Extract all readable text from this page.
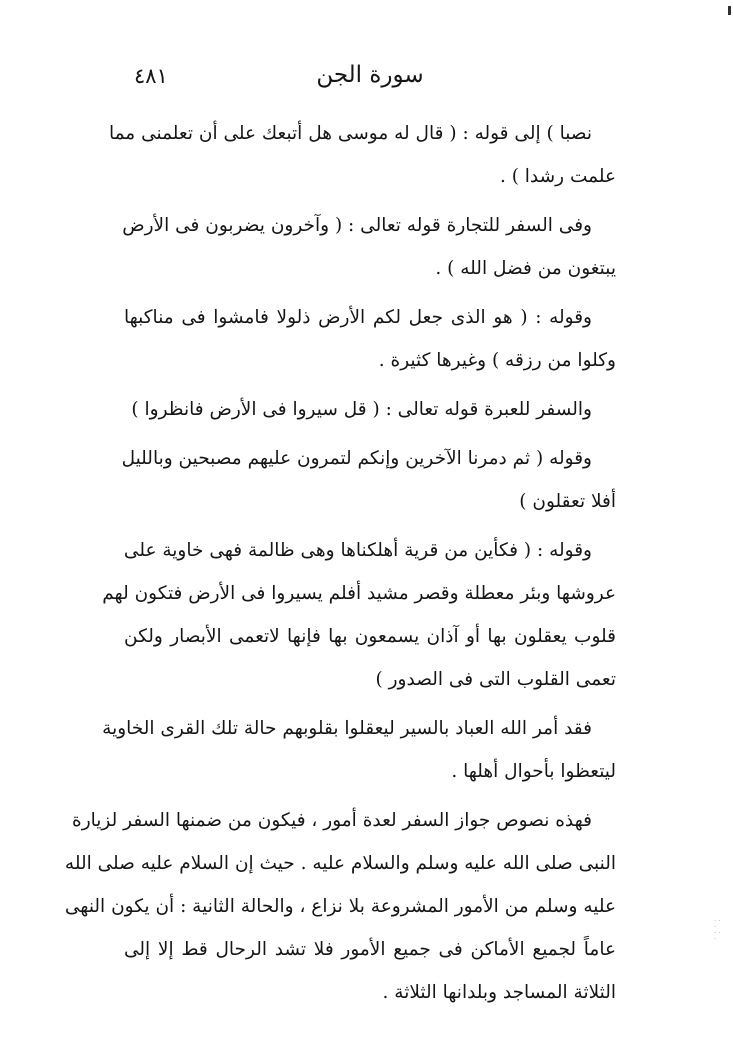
٤٨١	سورة الجن
نصبا ) إلى قوله : ( قال له موسى هل أتبعك على أن تعلمنى مما
علمت رشدا ) .
وفى السفر للتجارة قوله تعالى : ( وآخرون يضربون فى الأرض
يبتغون من فضل الله ) .
وقوله : ( هو الذى جعل لكم الأرض ذلولا فامشوا فى مناكبها
وكلوا من رزقه ) وغيرها كثيرة .
والسفر للعبرة قوله تعالى : ( قل سيروا فى الأرض فانظروا )
وقوله ( ثم دمرنا الآخرين وإنكم لتمرون عليهم مصبحين وبالليل
أفلا تعقلون )
وقوله : ( فكأين من قرية أهلكناها وهى ظالمة فهى خاوية على
عروشها وبئر معطلة وقصر مشيد أفلم يسيروا فى الأرض فتكون لهم
قلوب يعقلون بها أو آذان يسمعون بها فإنها لاتعمى الأبصار ولكن
تعمى القلوب التى فى الصدور )
فقد أمر الله العباد بالسير ليعقلوا بقلوبهم حالة تلك القرى الخاوية
ليتعظوا بأحوال أهلها .
فهذه نصوص جواز السفر لعدة أمور ، فيكون من ضمنها السفر لزيارة
النبى صلى الله عليه وسلم والسلام عليه . حيث إن السلام عليه صلى الله
عليه وسلم من الأمور المشروعة بلا نزاع ، والحالة الثانية : أن يكون النهى
عاماً لجميع الأماكن فى جميع الأمور فلا تشد الرحال قط إلا إلى
الثلاثة المساجد وبلدانها الثلاثة .
· ·
·
· ·
·
